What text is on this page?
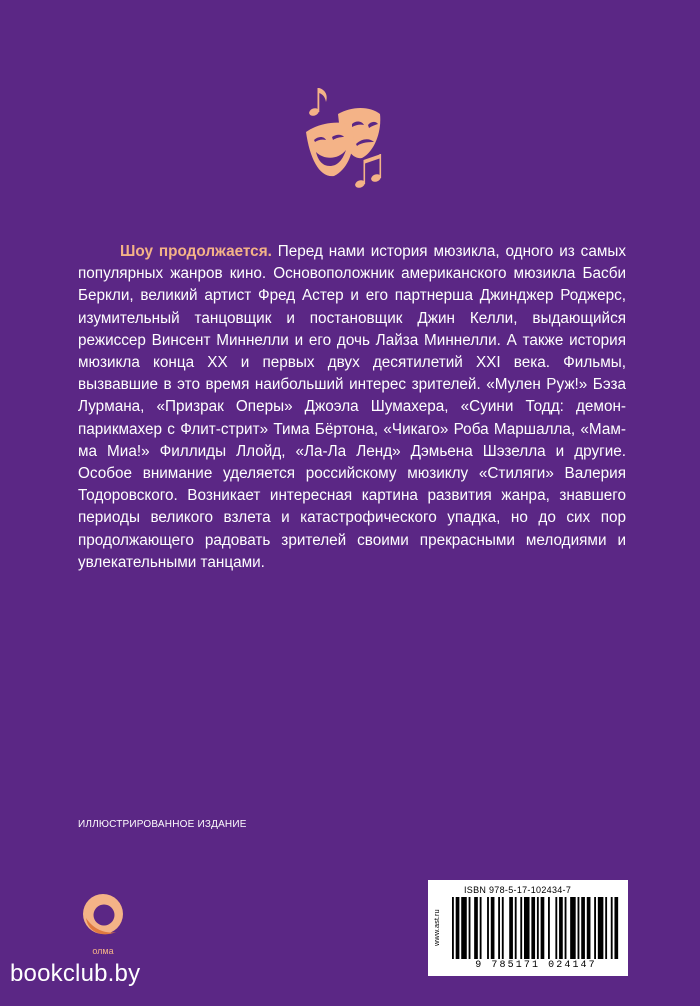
Шоу продолжается. Перед нами история мюзикла, одного из самых популярных жанров кино. Основоположник американского мюзикла Басби Беркли, великий артист Фред Астер и его партнерша Джинджер Роджерс, изумительный танцовщик и постановщик Джин Келли, выдающийся режиссер Винсент Миннелли и его дочь Лайза Миннелли. А также история мюзикла конца XX и первых двух десятилетий XXI века. Фильмы, вызвавшие в это время наибольший интерес зрителей. «Мулен Руж!» Бэза Лурмана, «Призрак Оперы» Джоэла Шумахера, «Суини Тодд: демон-парикмахер с Флит-стрит» Тима Бёртона, «Чикаго» Роба Маршалла, «Мамма Миа!» Филлиды Ллойд, «Ла-Ла Ленд» Дэмьена Шэзелла и другие. Особое внимание уделяется российскому мюзиклу «Стиляги» Валерия Тодоровского. Возникает интересная картина развития жанра, знавшего периоды великого взлета и катастрофического упадка, но до сих пор продолжающего радовать зрителей своими прекрасными мелодиями и увлекательными танцами.

ИЛЛЮСТРИРОВАННОЕ ИЗДАНИЕ
олма
ISBN 978-5-17-102434-7
www.ast.ru
9 785171 024147
bookclub.by
